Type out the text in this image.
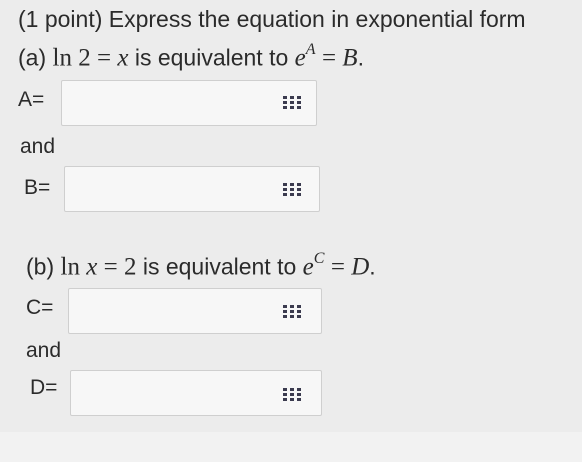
(1 point) Express the equation in exponential form
(a) ln 2 = x is equivalent to $e^A = B$.
A=
and
B=
(b) ln x = 2 is equivalent to $e^C = D$.
C=
and
D=
